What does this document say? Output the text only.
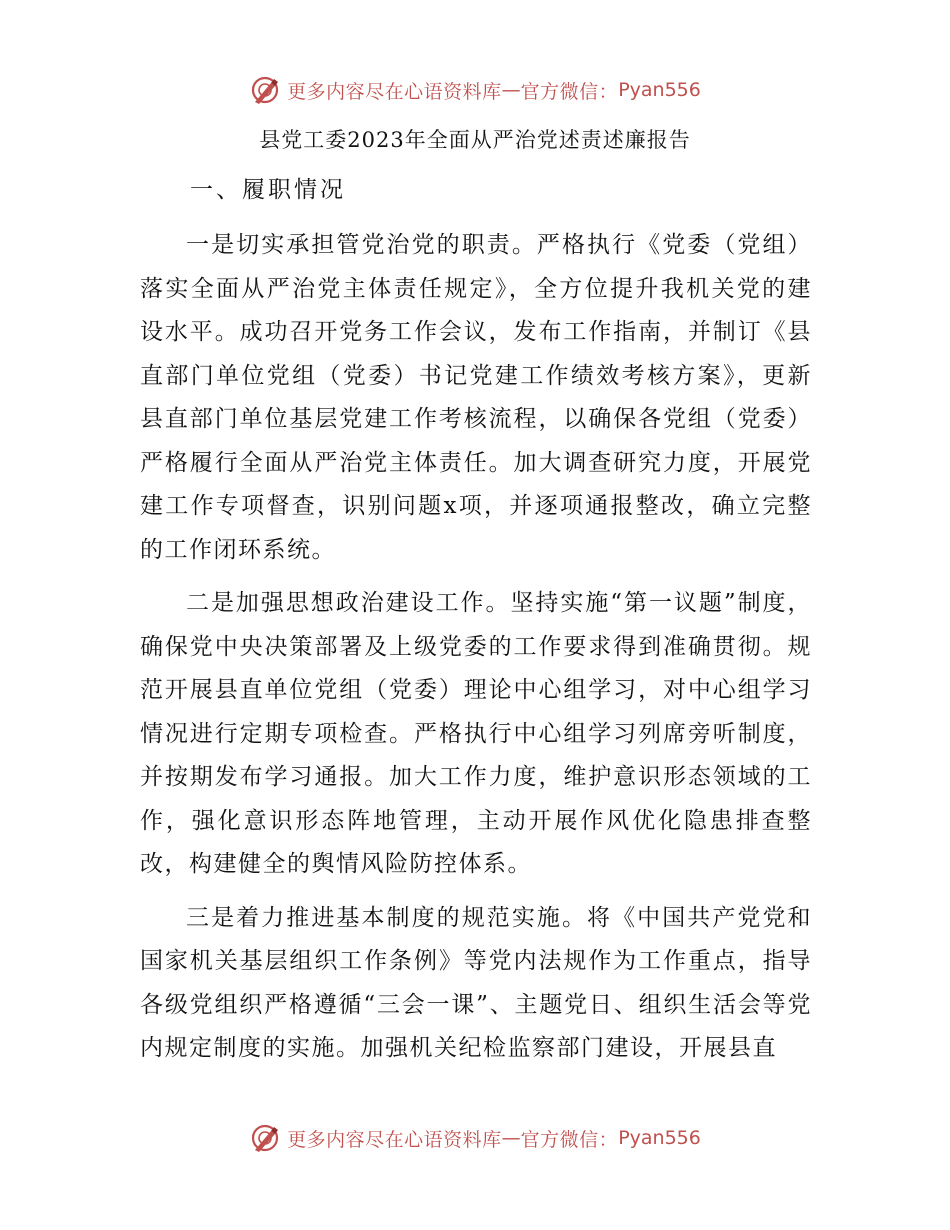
更多内容尽在心语资料库 — 官方微信： Pyan556
县党工委2023年全面从严治党述责述廉报告
一、履职情况

一是切实承担管党治党的职责。严格执行《党委（党组）落实全面从严治党主体责任规定》，全方位提升我机关党的建设水平。成功召开党务工作会议，发布工作指南，并制订《县直部门单位党组（党委）书记党建工作绩效考核方案》，更新县直部门单位基层党建工作考核流程，以确保各党组（党委）严格履行全面从严治党主体责任。加大调查研究力度，开展党建工作专项督查，识别问题x项，并逐项通报整改，确立完整的工作闭环系统。

二是加强思想政治建设工作。坚持实施“第一议题”制度，确保党中央决策部署及上级党委的工作要求得到准确贯彻。规范开展县直单位党组（党委）理论中心组学习，对中心组学习情况进行定期专项检查。严格执行中心组学习列席旁听制度，并按期发布学习通报。加大工作力度，维护意识形态领域的工作，强化意识形态阵地管理，主动开展作风优化隐患排查整改，构建健全的舆情风险防控体系。

三是着力推进基本制度的规范实施。将《中国共产党党和国家机关基层组织工作条例》等党内法规作为工作重点，指导各级党组织严格遵循“三会一课”、主题党日、组织生活会等党内规定制度的实施。加强机关纪检监察部门建设，开展县直

更多内容尽在心语资料库 — 官方微信： Pyan556
